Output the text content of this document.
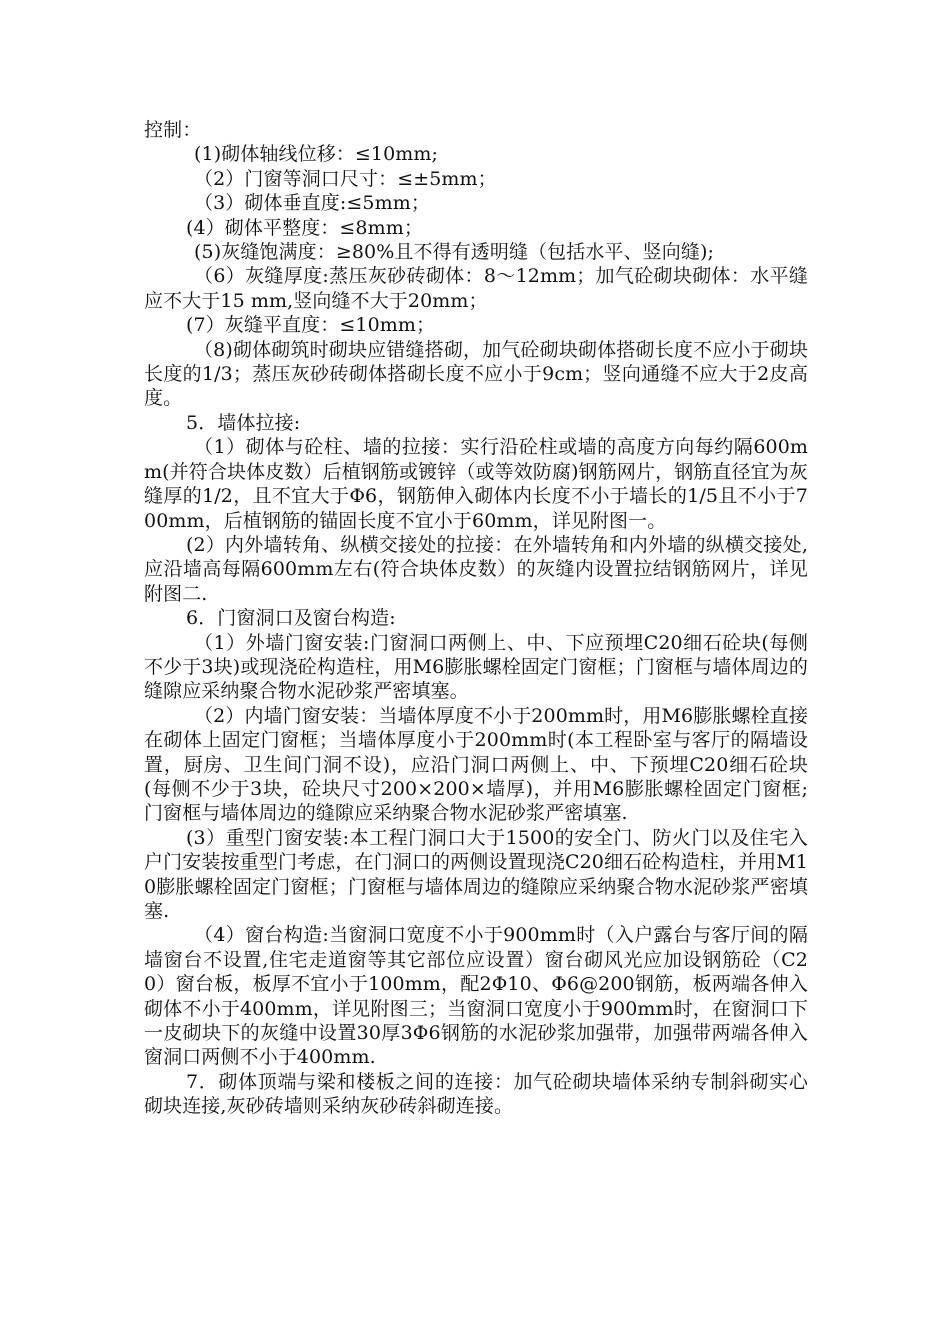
控制：

(1)砌体轴线位移：≤10mm;

（2）门窗等洞口尺寸：≤±5mm；

（3）砌体垂直度:≤5mm；

(4）砌体平整度：≤8mm；

(5)灰缝饱满度：≥80%且不得有透明缝（包括水平、竖向缝);

（6）灰缝厚度:蒸压灰砂砖砌体：8～12mm；加气砼砌块砌体：水平缝应不大于15 mm,竖向缝不大于20mm；

(7）灰缝平直度：≤10mm；

（8)砌体砌筑时砌块应错缝搭砌，加气砼砌块砌体搭砌长度不应小于砌块长度的1/3；蒸压灰砂砖砌体搭砌长度不应小于9cm；竖向通缝不应大于2皮高度。

5．墙体拉接:

（1）砌体与砼柱、墙的拉接：实行沿砼柱或墙的高度方向每约隔600mm(并符合块体皮数）后植钢筋或镀锌（或等效防腐)钢筋网片，钢筋直径宜为灰缝厚的1/2，且不宜大于Φ6，钢筋伸入砌体内长度不小于墙长的1/5且不小于700mm，后植钢筋的锚固长度不宜小于60mm，详见附图一。

(2）内外墙转角、纵横交接处的拉接：在外墙转角和内外墙的纵横交接处,应沿墙高每隔600mm左右(符合块体皮数）的灰缝内设置拉结钢筋网片，详见附图二.

6．门窗洞口及窗台构造:

（1）外墙门窗安装:门窗洞口两侧上、中、下应预埋C20细石砼块(每侧不少于3块)或现浇砼构造柱，用M6膨胀螺栓固定门窗框；门窗框与墙体周边的缝隙应采纳聚合物水泥砂浆严密填塞。

（2）内墙门窗安装：当墙体厚度不小于200mm时，用M6膨胀螺栓直接在砌体上固定门窗框；当墙体厚度小于200mm时(本工程卧室与客厅的隔墙设置，厨房、卫生间门洞不设)，应沿门洞口两侧上、中、下预埋C20细石砼块(每侧不少于3块，砼块尺寸200×200×墙厚)，并用M6膨胀螺栓固定门窗框;门窗框与墙体周边的缝隙应采纳聚合物水泥砂浆严密填塞.

(3）重型门窗安装:本工程门洞口大于1500的安全门、防火门以及住宅入户门安装按重型门考虑，在门洞口的两侧设置现浇C20细石砼构造柱，并用M10膨胀螺栓固定门窗框；门窗框与墙体周边的缝隙应采纳聚合物水泥砂浆严密填塞.

（4）窗台构造:当窗洞口宽度不小于900mm时（入户露台与客厅间的隔墙窗台不设置,住宅走道窗等其它部位应设置）窗台砌风光应加设钢筋砼（C20）窗台板，板厚不宜小于100mm，配2Φ10、Φ6@200钢筋，板两端各伸入砌体不小于400mm，详见附图三；当窗洞口宽度小于900mm时，在窗洞口下一皮砌块下的灰缝中设置30厚3Φ6钢筋的水泥砂浆加强带，加强带两端各伸入窗洞口两侧不小于400mm.

7．砌体顶端与梁和楼板之间的连接：加气砼砌块墙体采纳专制斜砌实心砌块连接,灰砂砖墙则采纳灰砂砖斜砌连接。
